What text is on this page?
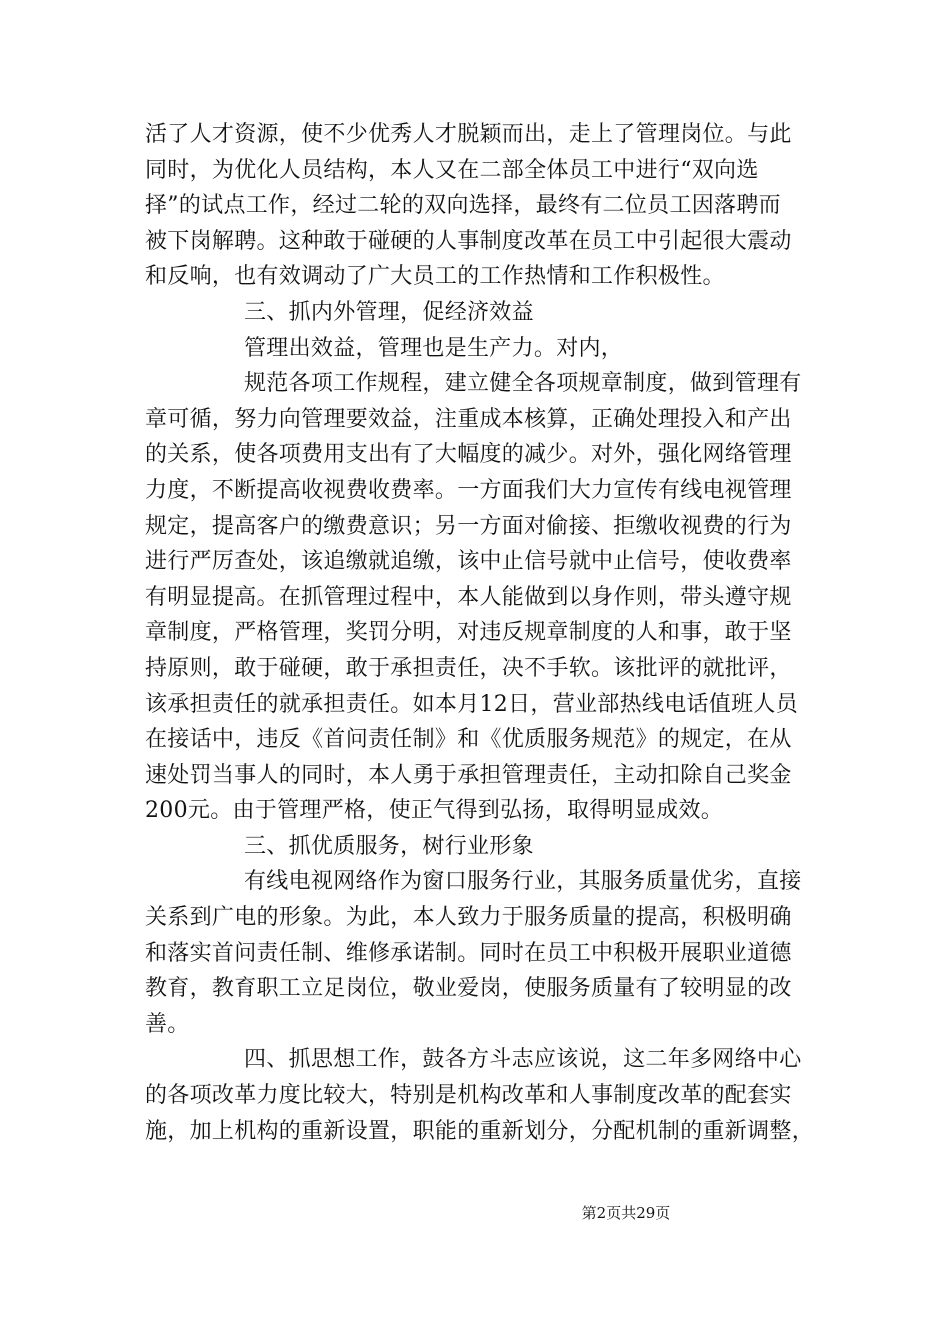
活了人才资源，使不少优秀人才脱颖而出，走上了管理岗位。与此
同时，为优化人员结构，本人又在二部全体员工中进行“双向选
择”的试点工作，经过二轮的双向选择，最终有二位员工因落聘而
被下岗解聘。这种敢于碰硬的人事制度改革在员工中引起很大震动
和反响，也有效调动了广大员工的工作热情和工作积极性。
三、抓内外管理，促经济效益
管理出效益，管理也是生产力。对内，
规范各项工作规程，建立健全各项规章制度，做到管理有
章可循，努力向管理要效益，注重成本核算，正确处理投入和产出
的关系，使各项费用支出有了大幅度的减少。对外，强化网络管理
力度，不断提高收视费收费率。一方面我们大力宣传有线电视管理
规定，提高客户的缴费意识；另一方面对偷接、拒缴收视费的行为
进行严厉查处，该追缴就追缴，该中止信号就中止信号，使收费率
有明显提高。在抓管理过程中，本人能做到以身作则，带头遵守规
章制度，严格管理，奖罚分明，对违反规章制度的人和事，敢于坚
持原则，敢于碰硬，敢于承担责任，决不手软。该批评的就批评，
该承担责任的就承担责任。如本月12日，营业部热线电话值班人员
在接话中，违反《首问责任制》和《优质服务规范》的规定，在从
速处罚当事人的同时，本人勇于承担管理责任，主动扣除自己奖金
200元。由于管理严格，使正气得到弘扬，取得明显成效。
三、抓优质服务，树行业形象
有线电视网络作为窗口服务行业，其服务质量优劣，直接
关系到广电的形象。为此，本人致力于服务质量的提高，积极明确
和落实首问责任制、维修承诺制。同时在员工中积极开展职业道德
教育，教育职工立足岗位，敬业爱岗，使服务质量有了较明显的改
善。
四、抓思想工作，鼓各方斗志应该说，这二年多网络中心
的各项改革力度比较大，特别是机构改革和人事制度改革的配套实
施，加上机构的重新设置，职能的重新划分，分配机制的重新调整，
第2页共29页
